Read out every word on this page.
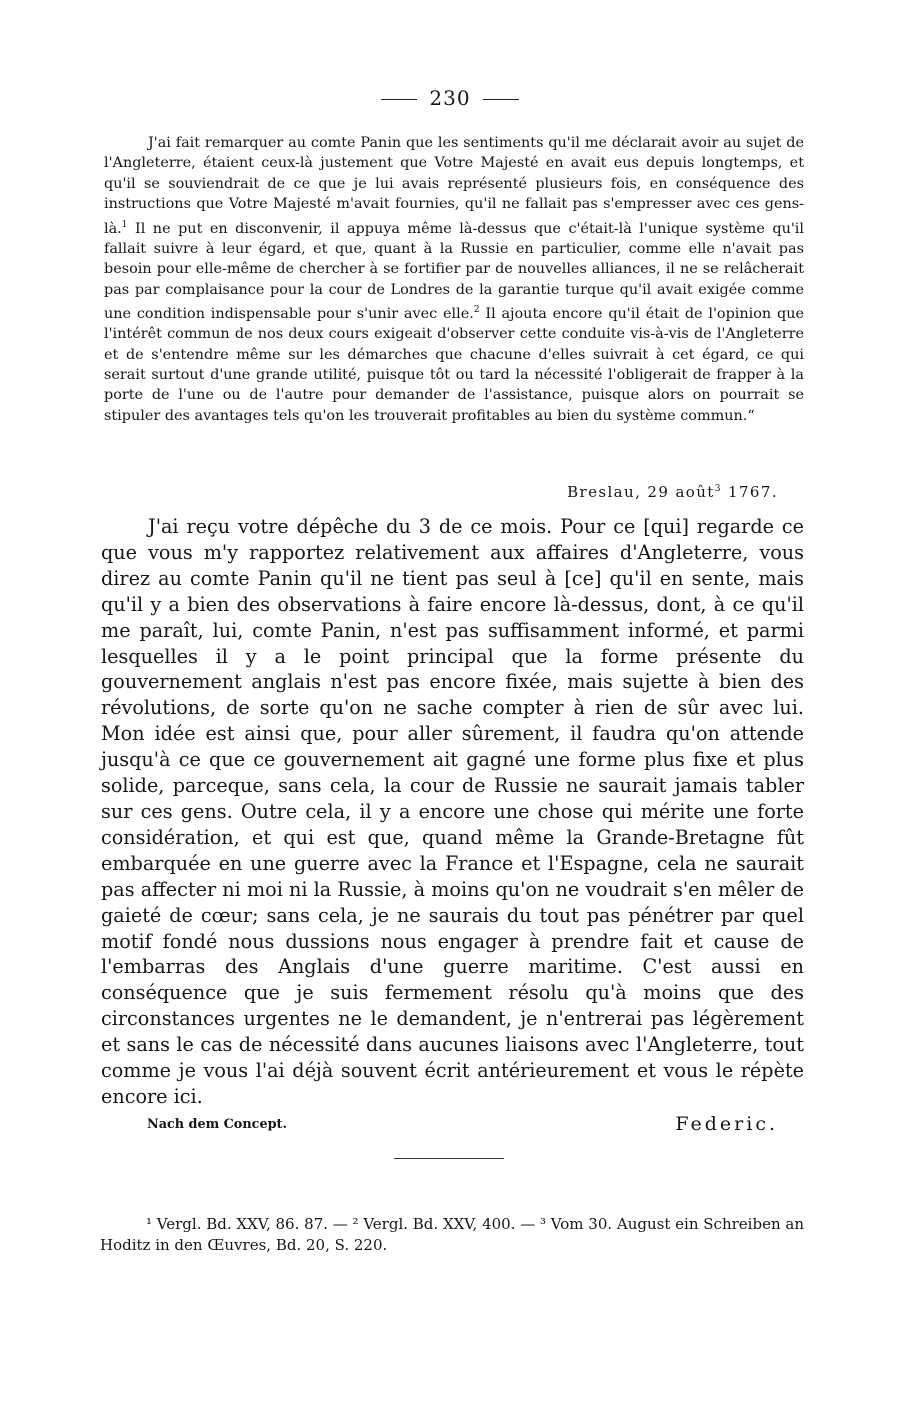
230

J'ai fait remarquer au comte Panin que les sentiments qu'il me déclarait avoir au sujet de l'Angleterre, étaient ceux-là justement que Votre Majesté en avait eus depuis longtemps, et qu'il se souviendrait de ce que je lui avais représenté plusieurs fois, en conséquence des instructions que Votre Majesté m'avait fournies, qu'il ne fallait pas s'empresser avec ces gens-là.$^1$ Il ne put en disconvenir, il appuya même là-dessus que c'était-là l'unique système qu'il fallait suivre à leur égard, et que, quant à la Russie en particulier, comme elle n'avait pas besoin pour elle-même de chercher à se fortifier par de nouvelles alliances, il ne se relâcherait pas par complaisance pour la cour de Londres de la garantie turque qu'il avait exigée comme une condition indispensable pour s'unir avec elle.$^2$ Il ajouta encore qu'il était de l'opinion que l'intérêt commun de nos deux cours exigeait d'observer cette conduite vis-à-vis de l'Angleterre et de s'entendre même sur les démarches que chacune d'elles suivrait à cet égard, ce qui serait surtout d'une grande utilité, puisque tôt ou tard la nécessité l'obligerait de frapper à la porte de l'une ou de l'autre pour demander de l'assistance, puisque alors on pourrait se stipuler des avantages tels qu'on les trouverait profitables au bien du système commun.“

Breslau, 29 août$^3$ 1767.

J'ai reçu votre dépêche du 3 de ce mois. Pour ce [qui] regarde ce que vous m'y rapportez relativement aux affaires d'Angleterre, vous direz au comte Panin qu'il ne tient pas seul à [ce] qu'il en sente, mais qu'il y a bien des observations à faire encore là-dessus, dont, à ce qu'il me paraît, lui, comte Panin, n'est pas suffisamment informé, et parmi lesquelles il y a le point principal que la forme présente du gouvernement anglais n'est pas encore fixée, mais sujette à bien des révolutions, de sorte qu'on ne sache compter à rien de sûr avec lui. Mon idée est ainsi que, pour aller sûrement, il faudra qu'on attende jusqu'à ce que ce gouvernement ait gagné une forme plus fixe et plus solide, parceque, sans cela, la cour de Russie ne saurait jamais tabler sur ces gens. Outre cela, il y a encore une chose qui mérite une forte considération, et qui est que, quand même la Grande-Bretagne fût embarquée en une guerre avec la France et l'Espagne, cela ne saurait pas affecter ni moi ni la Russie, à moins qu'on ne voudrait s'en mêler de gaieté de cœur; sans cela, je ne saurais du tout pas pénétrer par quel motif fondé nous dussions nous engager à prendre fait et cause de l'embarras des Anglais d'une guerre maritime. C'est aussi en conséquence que je suis fermement résolu qu'à moins que des circonstances urgentes ne le demandent, je n'entrerai pas légèrement et sans le cas de nécessité dans aucunes liaisons avec l'Angleterre, tout comme je vous l'ai déjà souvent écrit antérieurement et vous le répète encore ici.

Nach dem Concept.	Federic.

¹ Vergl. Bd. XXV, 86. 87. — ² Vergl. Bd. XXV, 400. — ³ Vom 30. August ein Schreiben an Hoditz in den Œuvres, Bd. 20, S. 220.
